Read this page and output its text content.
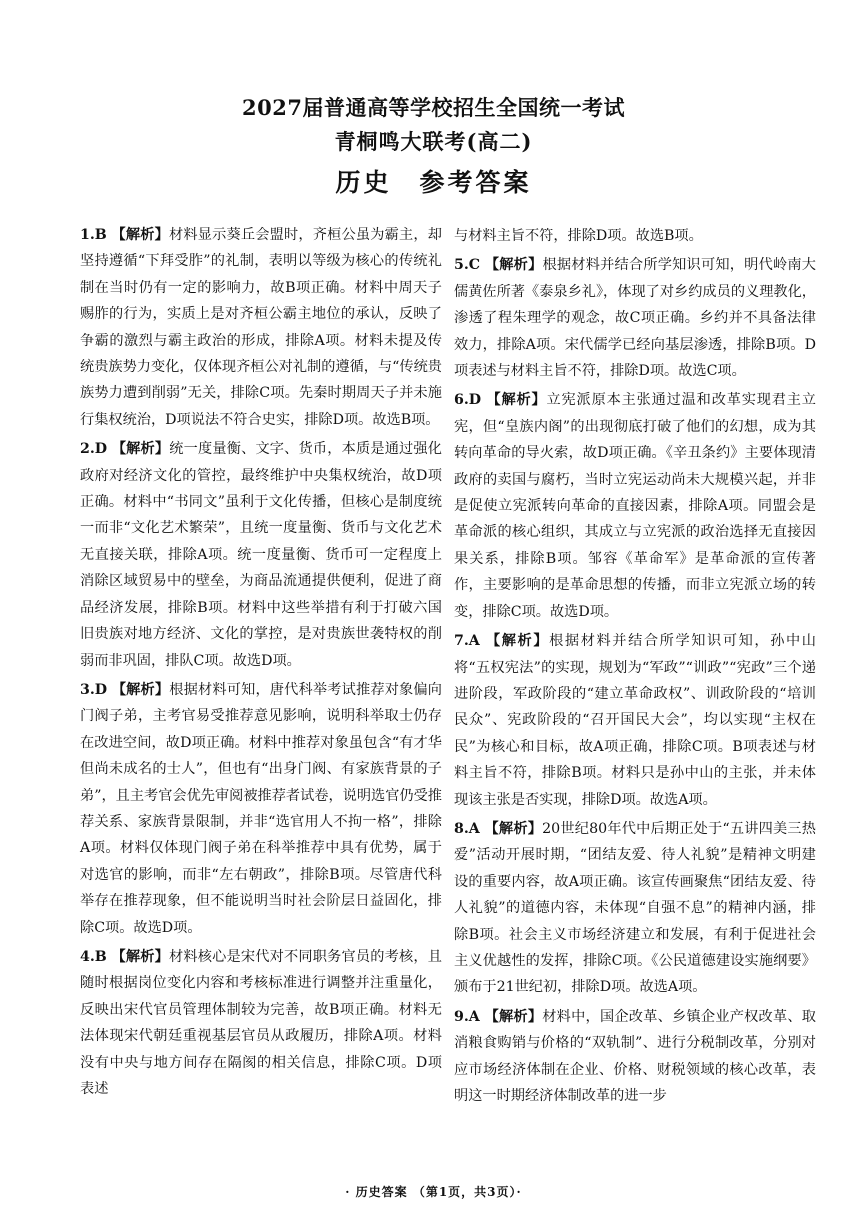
2027届普通高等学校招生全国统一考试
青桐鸣大联考(高二)
历史 参考答案

1.B 【解析】材料显示葵丘会盟时，齐桓公虽为霸主，却坚持遵循“下拜受胙”的礼制，表明以等级为核心的传统礼制在当时仍有一定的影响力，故B项正确。材料中周天子赐胙的行为，实质上是对齐桓公霸主地位的承认，反映了争霸的激烈与霸主政治的形成，排除A项。材料未提及传统贵族势力变化，仅体现齐桓公对礼制的遵循，与“传统贵族势力遭到削弱”无关，排除C项。先秦时期周天子并未施行集权统治，D项说法不符合史实，排除D项。故选B项。

2.D 【解析】统一度量衡、文字、货币，本质是通过强化政府对经济文化的管控，最终维护中央集权统治，故D项正确。材料中“书同文”虽利于文化传播，但核心是制度统一而非“文化艺术繁荣”，且统一度量衡、货币与文化艺术无直接关联，排除A项。统一度量衡、货币可一定程度上消除区域贸易中的壁垒，为商品流通提供便利，促进了商品经济发展，排除B项。材料中这些举措有利于打破六国旧贵族对地方经济、文化的掌控，是对贵族世袭特权的削弱而非巩固，排队C项。故选D项。

3.D 【解析】根据材料可知，唐代科举考试推荐对象偏向门阀子弟，主考官易受推荐意见影响，说明科举取士仍存在改进空间，故D项正确。材料中推荐对象虽包含“有才华但尚未成名的士人”，但也有“出身门阀、有家族背景的子弟”，且主考官会优先审阅被推荐者试卷，说明选官仍受推荐关系、家族背景限制，并非“选官用人不拘一格”，排除A项。材料仅体现门阀子弟在科举推荐中具有优势，属于对选官的影响，而非“左右朝政”，排除B项。尽管唐代科举存在推荐现象，但不能说明当时社会阶层日益固化，排除C项。故选D项。

4.B 【解析】材料核心是宋代对不同职务官员的考核，且随时根据岗位变化内容和考核标准进行调整并注重量化，反映出宋代官员管理体制较为完善，故B项正确。材料无法体现宋代朝廷重视基层官员从政履历，排除A项。材料没有中央与地方间存在隔阂的相关信息，排除C项。D项表述

与材料主旨不符，排除D项。故选B项。

5.C 【解析】根据材料并结合所学知识可知，明代岭南大儒黄佐所著《泰泉乡礼》，体现了对乡约成员的义理教化，渗透了程朱理学的观念，故C项正确。乡约并不具备法律效力，排除A项。宋代儒学已经向基层渗透，排除B项。D项表述与材料主旨不符，排除D项。故选C项。

6.D 【解析】立宪派原本主张通过温和改革实现君主立宪，但“皇族内阁”的出现彻底打破了他们的幻想，成为其转向革命的导火索，故D项正确。《辛丑条约》主要体现清政府的卖国与腐朽，当时立宪运动尚未大规模兴起，并非是促使立宪派转向革命的直接因素，排除A项。同盟会是革命派的核心组织，其成立与立宪派的政治选择无直接因果关系，排除B项。邹容《革命军》是革命派的宣传著作，主要影响的是革命思想的传播，而非立宪派立场的转变，排除C项。故选D项。

7.A 【解析】根据材料并结合所学知识可知，孙中山将“五权宪法”的实现，规划为“军政”“训政”“宪政”三个递进阶段，军政阶段的“建立革命政权”、训政阶段的“培训民众”、宪政阶段的“召开国民大会”，均以实现“主权在民”为核心和目标，故A项正确，排除C项。B项表述与材料主旨不符，排除B项。材料只是孙中山的主张，并未体现该主张是否实现，排除D项。故选A项。

8.A 【解析】20世纪80年代中后期正处于“五讲四美三热爱”活动开展时期，“团结友爱、待人礼貌”是精神文明建设的重要内容，故A项正确。该宣传画聚焦“团结友爱、待人礼貌”的道德内容，未体现“自强不息”的精神内涵，排除B项。社会主义市场经济建立和发展，有利于促进社会主义优越性的发挥，排除C项。《公民道德建设实施纲要》颁布于21世纪初，排除D项。故选A项。

9.A 【解析】材料中，国企改革、乡镇企业产权改革、取消粮食购销与价格的“双轨制”、进行分税制改革，分别对应市场经济体制在企业、价格、财税领域的核心改革，表明这一时期经济体制改革的进一步

· 历史答案 （第1页，共3页）·
